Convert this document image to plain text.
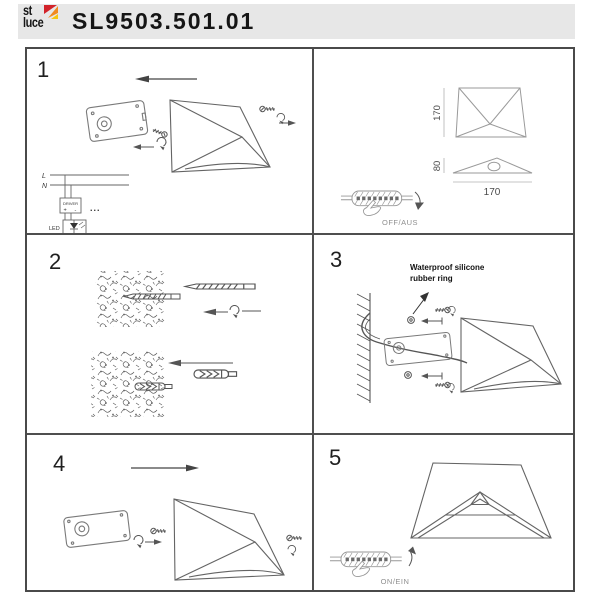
st
luce SL9503.501.01
1
L
N
DRIVER
+ -
LED
...
170
80
170
OFF/AUS
2	3	Waterproof silicone
rubber ring
4	5
ON/EIN
